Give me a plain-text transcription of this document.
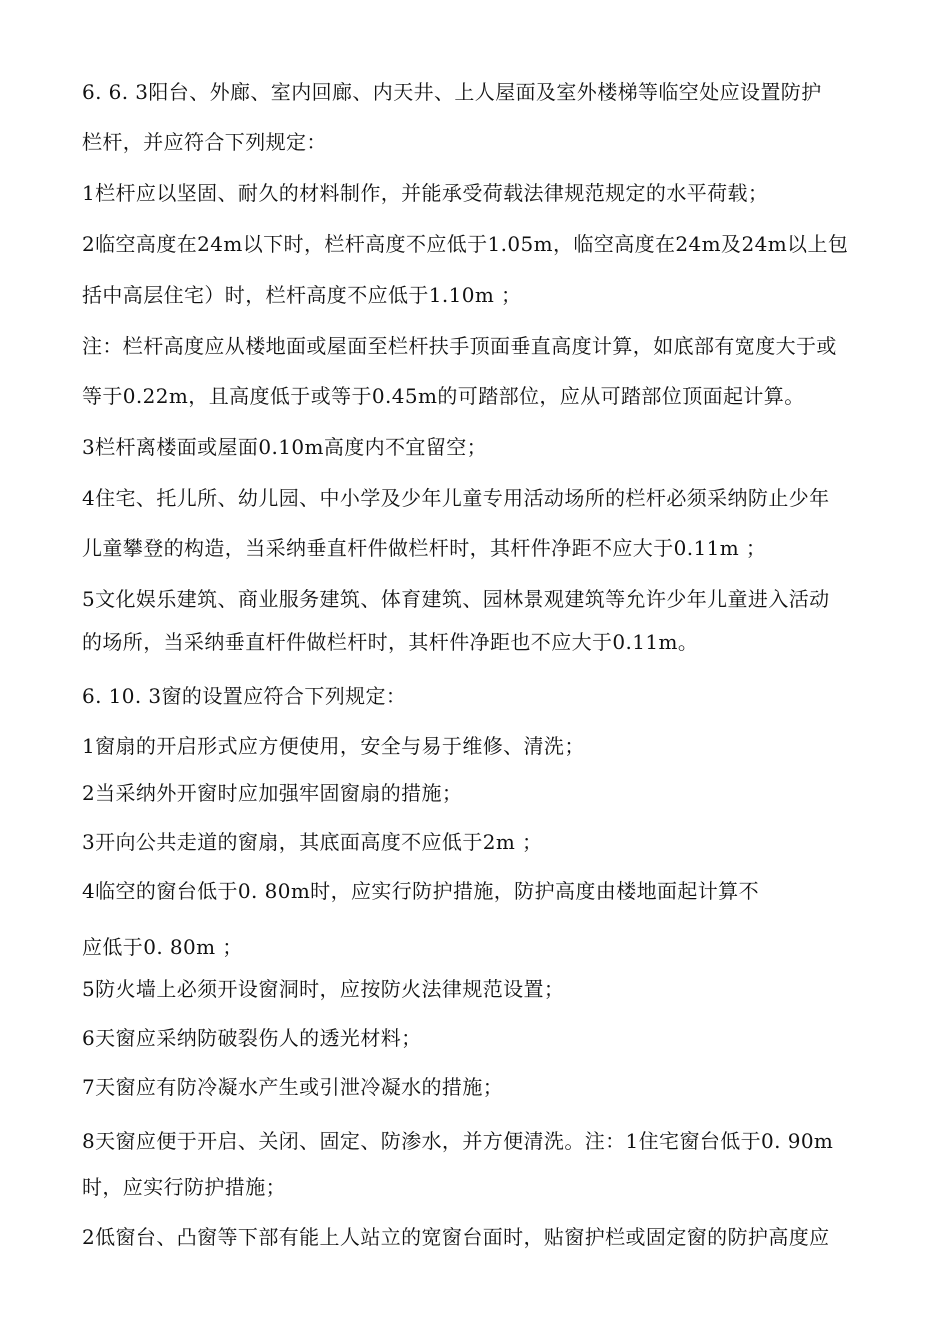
6. 6. 3阳台、外廊、室内回廊、内天井、上人屋面及室外楼梯等临空处应设置防护
栏杆，并应符合下列规定：
1栏杆应以坚固、耐久的材料制作，并能承受荷载法律规范规定的水平荷载；
2临空高度在24m以下时，栏杆高度不应低于1.05m，临空高度在24m及24m以上包
括中高层住宅）时，栏杆高度不应低于1.10m ；
注：栏杆高度应从楼地面或屋面至栏杆扶手顶面垂直高度计算，如底部有宽度大于或
等于0.22m，且高度低于或等于0.45m的可踏部位，应从可踏部位顶面起计算。
3栏杆离楼面或屋面0.10m高度内不宜留空；
4住宅、托儿所、幼儿园、中小学及少年儿童专用活动场所的栏杆必须采纳防止少年
儿童攀登的构造，当采纳垂直杆件做栏杆时，其杆件净距不应大于0.11m ；
5文化娱乐建筑、商业服务建筑、体育建筑、园林景观建筑等允许少年儿童进入活动
的场所，当采纳垂直杆件做栏杆时，其杆件净距也不应大于0.11m。
6. 10. 3窗的设置应符合下列规定：
1窗扇的开启形式应方便使用，安全与易于维修、清洗；
2当采纳外开窗时应加强牢固窗扇的措施；
3开向公共走道的窗扇，其底面高度不应低于2m ；
4临空的窗台低于0. 80m时，应实行防护措施，防护高度由楼地面起计算不
应低于0. 80m ；
5防火墙上必须开设窗洞时，应按防火法律规范设置；
6天窗应采纳防破裂伤人的透光材料；
7天窗应有防冷凝水产生或引泄冷凝水的措施；
8天窗应便于开启、关闭、固定、防渗水，并方便清洗。注：1住宅窗台低于0. 90m
时，应实行防护措施；
2低窗台、凸窗等下部有能上人站立的宽窗台面时，贴窗护栏或固定窗的防护高度应
